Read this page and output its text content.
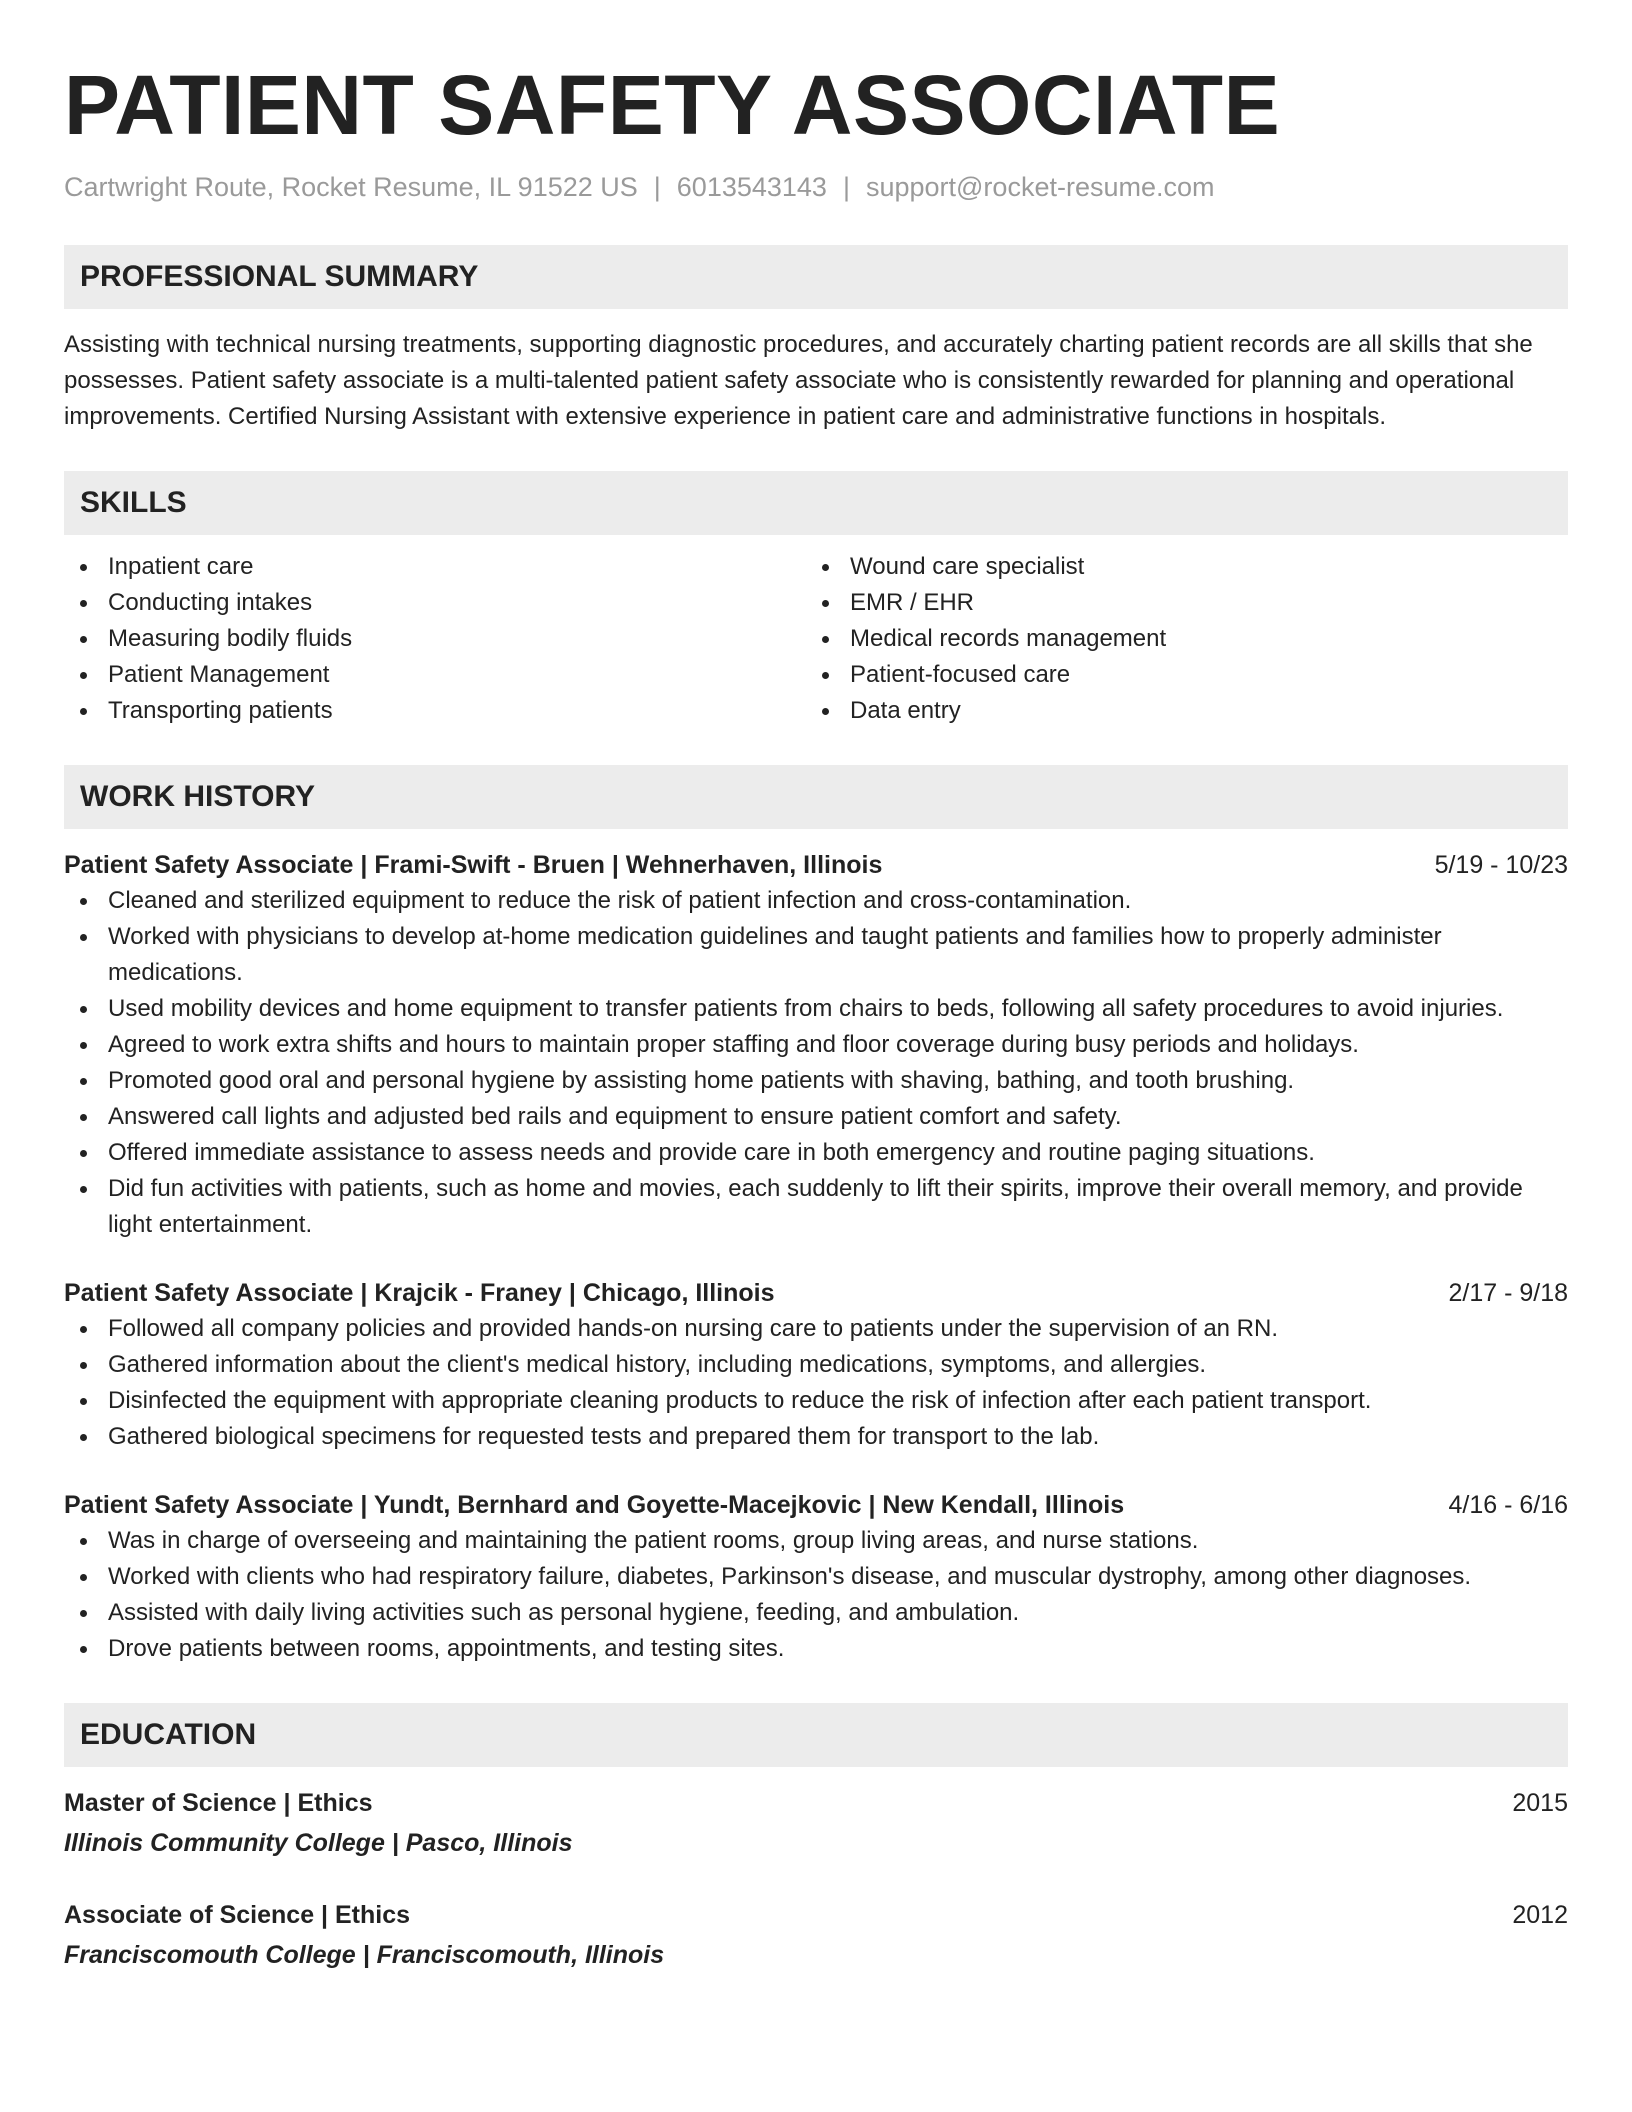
PATIENT SAFETY ASSOCIATE
Cartwright Route, Rocket Resume, IL 91522 US | 6013543143 | support@rocket-resume.com
PROFESSIONAL SUMMARY

Assisting with technical nursing treatments, supporting diagnostic procedures, and accurately charting patient records are all skills that she possesses. Patient safety associate is a multi-talented patient safety associate who is consistently rewarded for planning and operational improvements. Certified Nursing Assistant with extensive experience in patient care and administrative functions in hospitals.

SKILLS
Inpatient care
Conducting intakes
Measuring bodily fluids
Patient Management
Transporting patients
Wound care specialist
EMR / EHR
Medical records management
Patient-focused care
Data entry
WORK HISTORY
Patient Safety Associate | Frami-Swift - Bruen | Wehnerhaven, Illinois	5/19 - 10/23
Cleaned and sterilized equipment to reduce the risk of patient infection and cross-contamination.
Worked with physicians to develop at-home medication guidelines and taught patients and families how to properly administer medications.
Used mobility devices and home equipment to transfer patients from chairs to beds, following all safety procedures to avoid injuries.
Agreed to work extra shifts and hours to maintain proper staffing and floor coverage during busy periods and holidays.
Promoted good oral and personal hygiene by assisting home patients with shaving, bathing, and tooth brushing.
Answered call lights and adjusted bed rails and equipment to ensure patient comfort and safety.
Offered immediate assistance to assess needs and provide care in both emergency and routine paging situations.
Did fun activities with patients, such as home and movies, each suddenly to lift their spirits, improve their overall memory, and provide light entertainment.
Patient Safety Associate | Krajcik - Franey | Chicago, Illinois	2/17 - 9/18
Followed all company policies and provided hands-on nursing care to patients under the supervision of an RN.
Gathered information about the client's medical history, including medications, symptoms, and allergies.
Disinfected the equipment with appropriate cleaning products to reduce the risk of infection after each patient transport.
Gathered biological specimens for requested tests and prepared them for transport to the lab.
Patient Safety Associate | Yundt, Bernhard and Goyette-Macejkovic | New Kendall, Illinois	4/16 - 6/16
Was in charge of overseeing and maintaining the patient rooms, group living areas, and nurse stations.
Worked with clients who had respiratory failure, diabetes, Parkinson's disease, and muscular dystrophy, among other diagnoses.
Assisted with daily living activities such as personal hygiene, feeding, and ambulation.
Drove patients between rooms, appointments, and testing sites.
EDUCATION
Master of Science | Ethics	2015
Illinois Community College | Pasco, Illinois
Associate of Science | Ethics	2012
Franciscomouth College | Franciscomouth, Illinois
